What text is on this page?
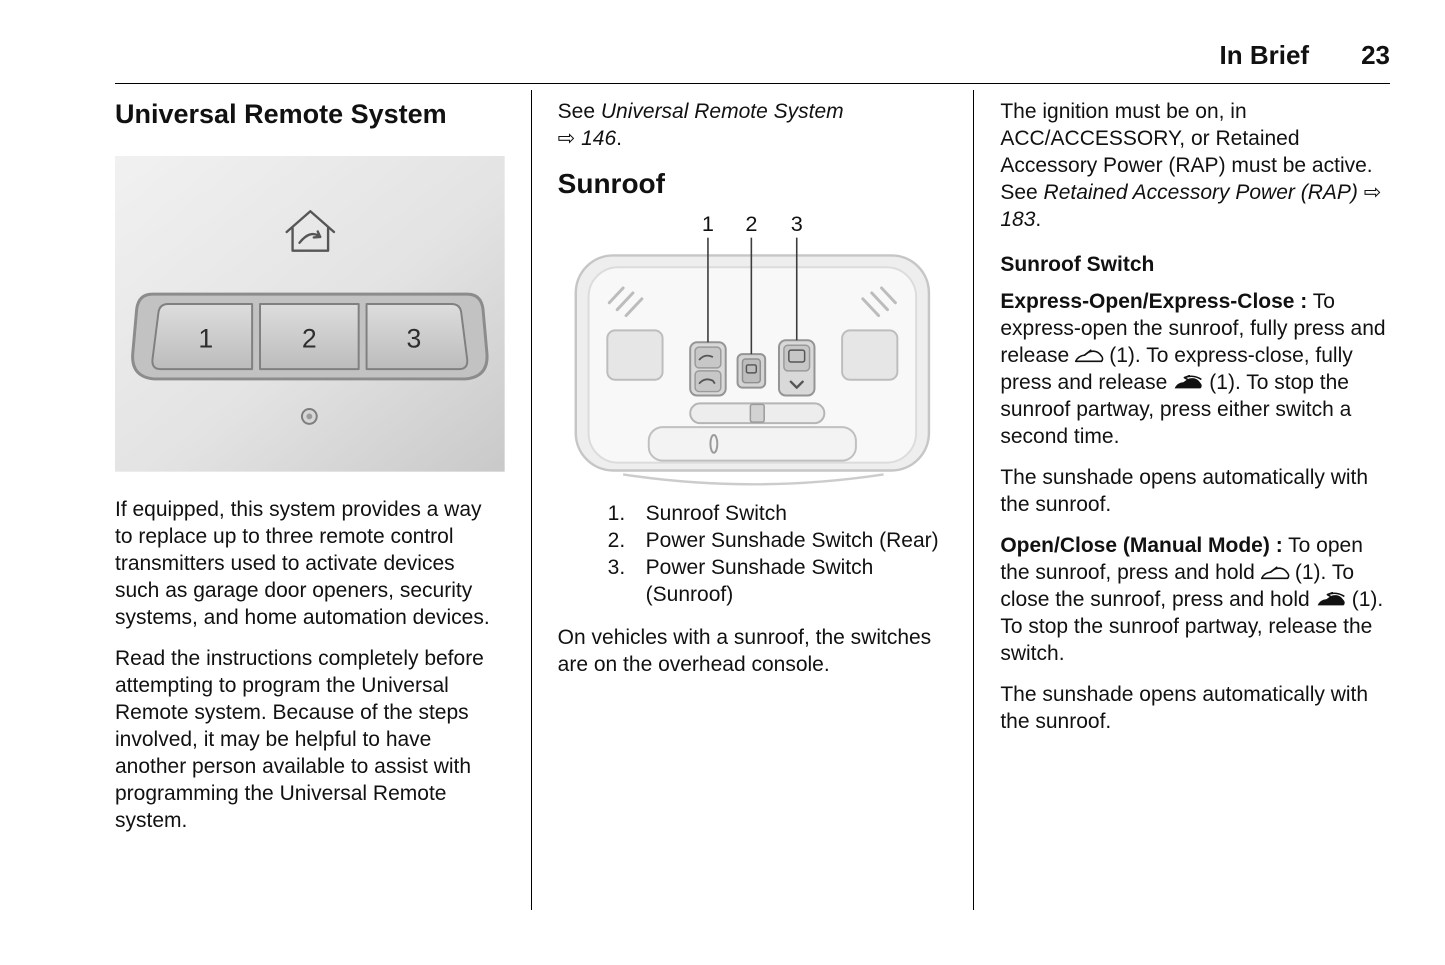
In Brief 23
Universal Remote System
1	2	3

If equipped, this system provides a way to replace up to three remote control transmitters used to activate devices such as garage door openers, security systems, and home automation devices.

Read the instructions completely before attempting to program the Universal Remote system. Because of the steps involved, it may be helpful to have another person available to assist with programming the Universal Remote system.

See Universal Remote System
⇨ 146.

Sunroof
1 2 3
1. Sunroof Switch
2. Power Sunshade Switch (Rear)
3. Power Sunshade Switch (Sunroof)

On vehicles with a sunroof, the switches are on the overhead console.

The ignition must be on, in ACC/ACCESSORY, or Retained Accessory Power (RAP) must be active. See Retained Accessory Power (RAP) ⇨ 183.

Sunroof Switch

Express-Open/Express-Close : To express-open the sunroof, fully press and release (1). To express-close, fully press and release (1). To stop the sunroof partway, press either switch a second time.

The sunshade opens automatically with the sunroof.

Open/Close (Manual Mode) : To open the sunroof, press and hold (1). To close the sunroof, press and hold (1). To stop the sunroof partway, release the switch.

The sunshade opens automatically with the sunroof.
